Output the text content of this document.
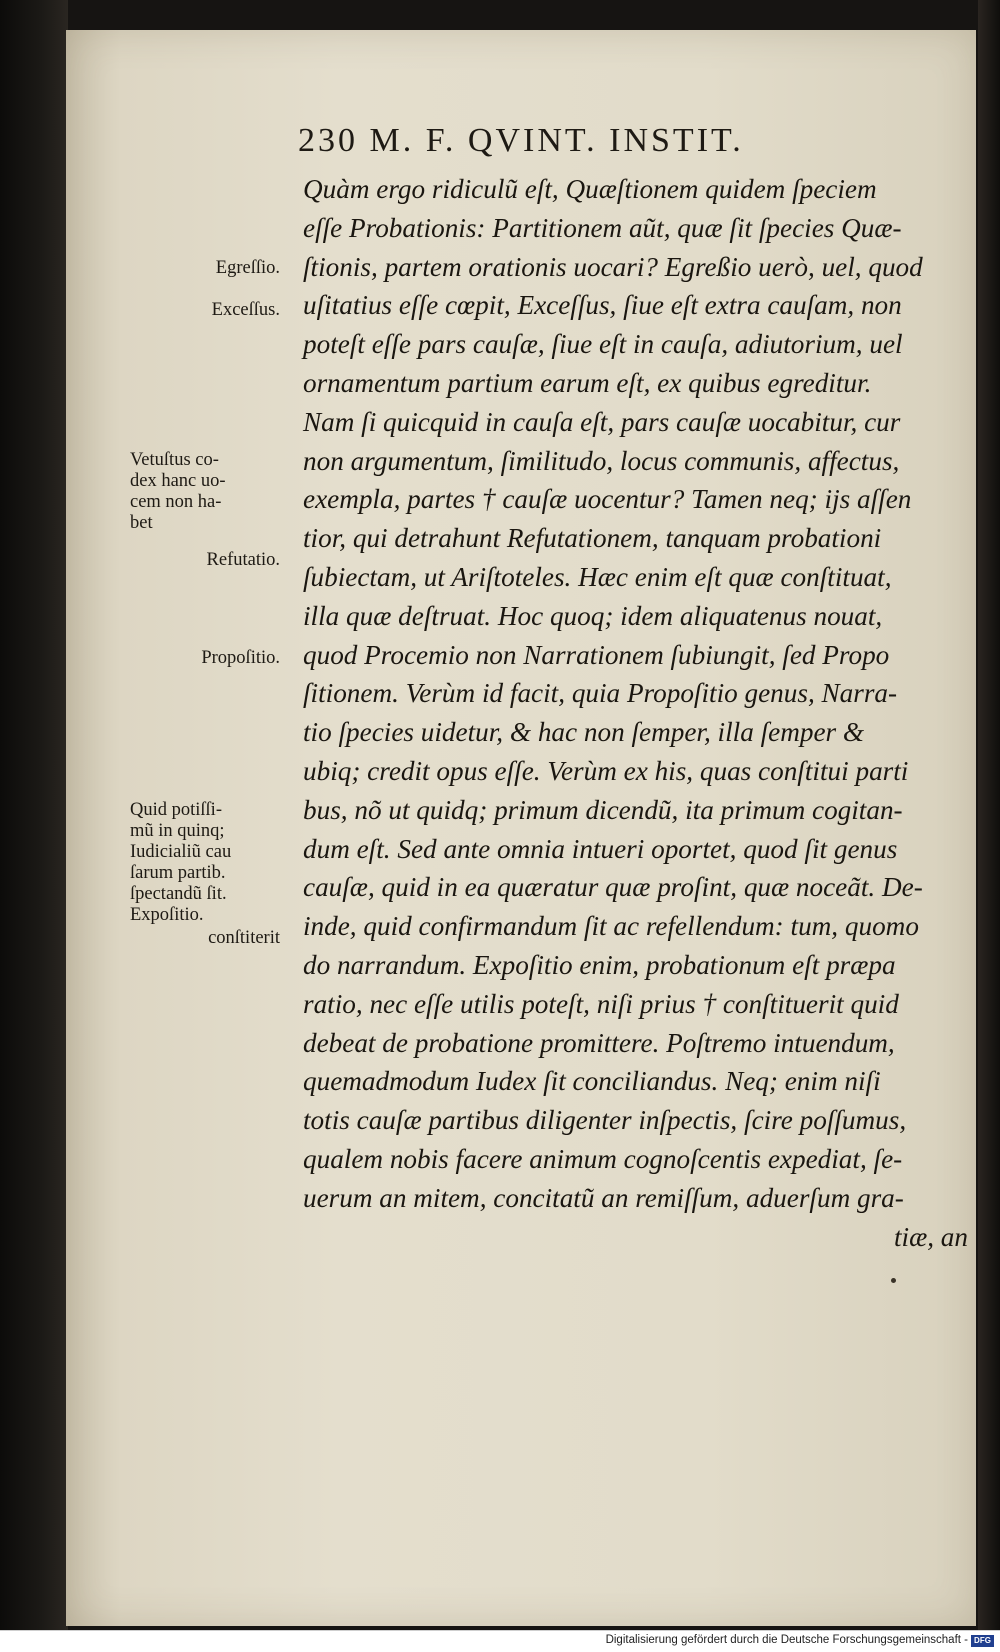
230 M. F. QVINT. INSTIT.
Quàm ergo ridiculũ eſt, Quæſtionem quidem ſpeciem
eſſe Probationis: Partitionem aũt, quæ ſit ſpecies Quæ-
ſtionis, partem orationis uocari? Egreßio uerò, uel, quod
uſitatius eſſe cœpit, Exceſſus, ſiue eſt extra cauſam, non
poteſt eſſe pars cauſæ, ſiue eſt in cauſa, adiutorium, uel
ornamentum partium earum eſt, ex quibus egreditur.
Nam ſi quicquid in cauſa eſt, pars cauſæ uocabitur, cur
non argumentum, ſimilitudo, locus communis, affectus,
exempla, partes † cauſæ uocentur? Tamen neq; ijs aſſen
tior, qui detrahunt Refutationem, tanquam probationi
ſubiectam, ut Ariſtoteles. Hæc enim eſt quæ conſtituat,
illa quæ deſtruat. Hoc quoq; idem aliquatenus nouat,
quod Procemio non Narrationem ſubiungit, ſed Propo
ſitionem. Verùm id facit, quia Propoſitio genus, Narra-
tio ſpecies uidetur, & hac non ſemper, illa ſemper &
ubiq; credit opus eſſe. Verùm ex his, quas conſtitui parti
bus, nõ ut quidq; primum dicendũ, ita primum cogitan-
dum eſt. Sed ante omnia intueri oportet, quod ſit genus
cauſæ, quid in ea quæratur quæ proſint, quæ noceãt. De-
inde, quid confirmandum ſit ac refellendum: tum, quomo
do narrandum. Expoſitio enim, probationum eſt præpa
ratio, nec eſſe utilis poteſt, niſi prius † conſtituerit quid
debeat de probatione promittere. Poſtremo intuendum,
quemadmodum Iudex ſit conciliandus. Neq; enim niſi
totis cauſæ partibus diligenter inſpectis, ſcire poſſumus,
qualem nobis facere animum cognoſcentis expediat, ſe-
uerum an mitem, concitatũ an remiſſum, aduerſum gra-
tiæ, an
Egreſſio.
Exceſſus.
Vetuſtus co-
dex hanc uo-
cem non ha-
bet
Refutatio.
Propoſitio.
Quid potiſſi-
mũ in quinq;
Iudicialiũ cau
ſarum partib.
ſpectandũ ſit.
Expoſitio.
conſtiterit
Digitalisierung gefördert durch die Deutsche Forschungsgemeinschaft - DFG
